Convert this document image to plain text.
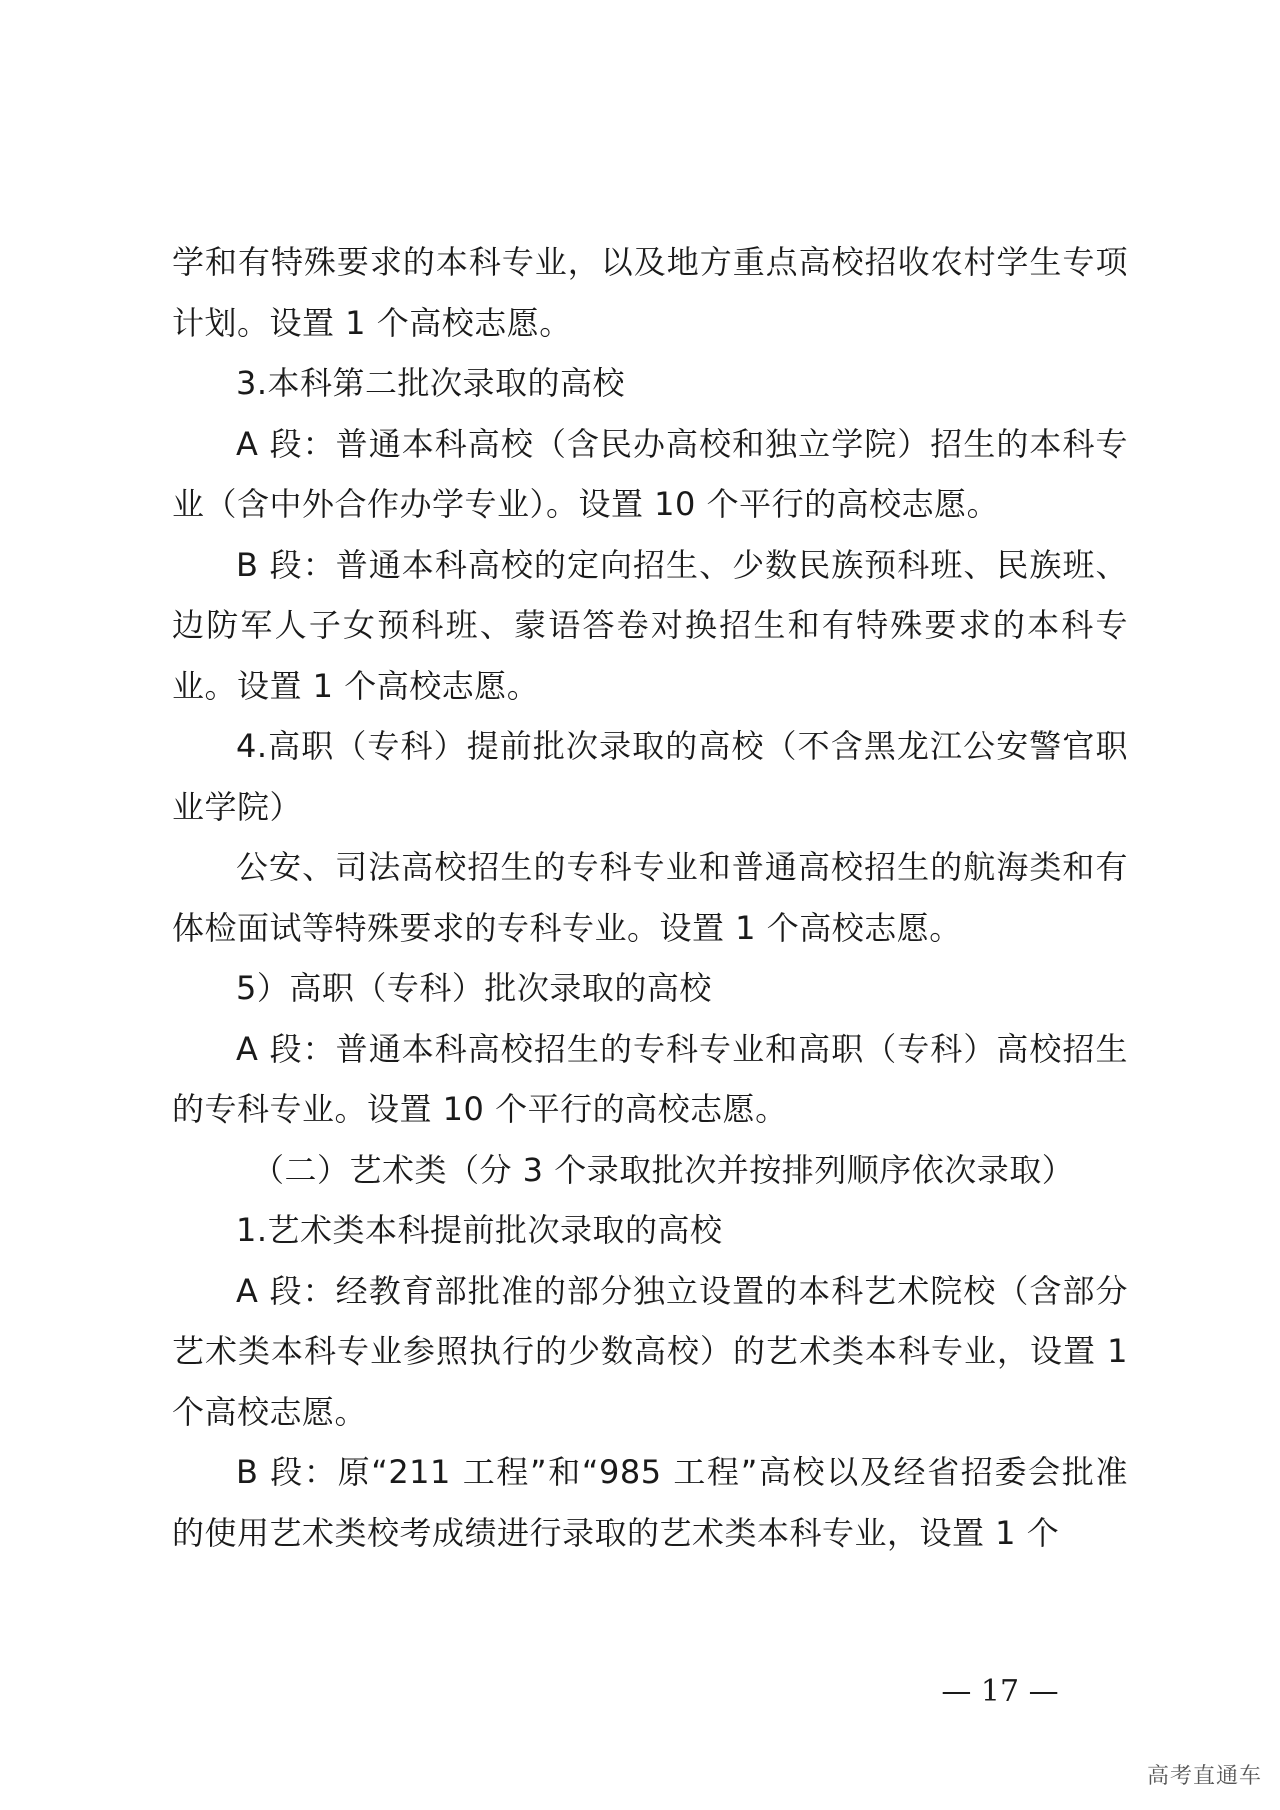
学和有特殊要求的本科专业，以及地方重点高校招收农村学生专项计划。设置 1 个高校志愿。

3.本科第二批次录取的高校

A 段：普通本科高校（含民办高校和独立学院）招生的本科专业（含中外合作办学专业）。设置 10 个平行的高校志愿。

B 段：普通本科高校的定向招生、少数民族预科班、民族班、边防军人子女预科班、蒙语答卷对换招生和有特殊要求的本科专业。设置 1 个高校志愿。

4.高职（专科）提前批次录取的高校（不含黑龙江公安警官职业学院）

公安、司法高校招生的专科专业和普通高校招生的航海类和有体检面试等特殊要求的专科专业。设置 1 个高校志愿。

5）高职（专科）批次录取的高校

A 段：普通本科高校招生的专科专业和高职（专科）高校招生的专科专业。设置 10 个平行的高校志愿。

（二）艺术类（分 3 个录取批次并按排列顺序依次录取）

1.艺术类本科提前批次录取的高校

A 段：经教育部批准的部分独立设置的本科艺术院校（含部分艺术类本科专业参照执行的少数高校）的艺术类本科专业，设置 1 个高校志愿。

B 段：原“211 工程”和“985 工程”高校以及经省招委会批准的使用艺术类校考成绩进行录取的艺术类本科专业，设置 1 个

— 17 —
高考直通车
